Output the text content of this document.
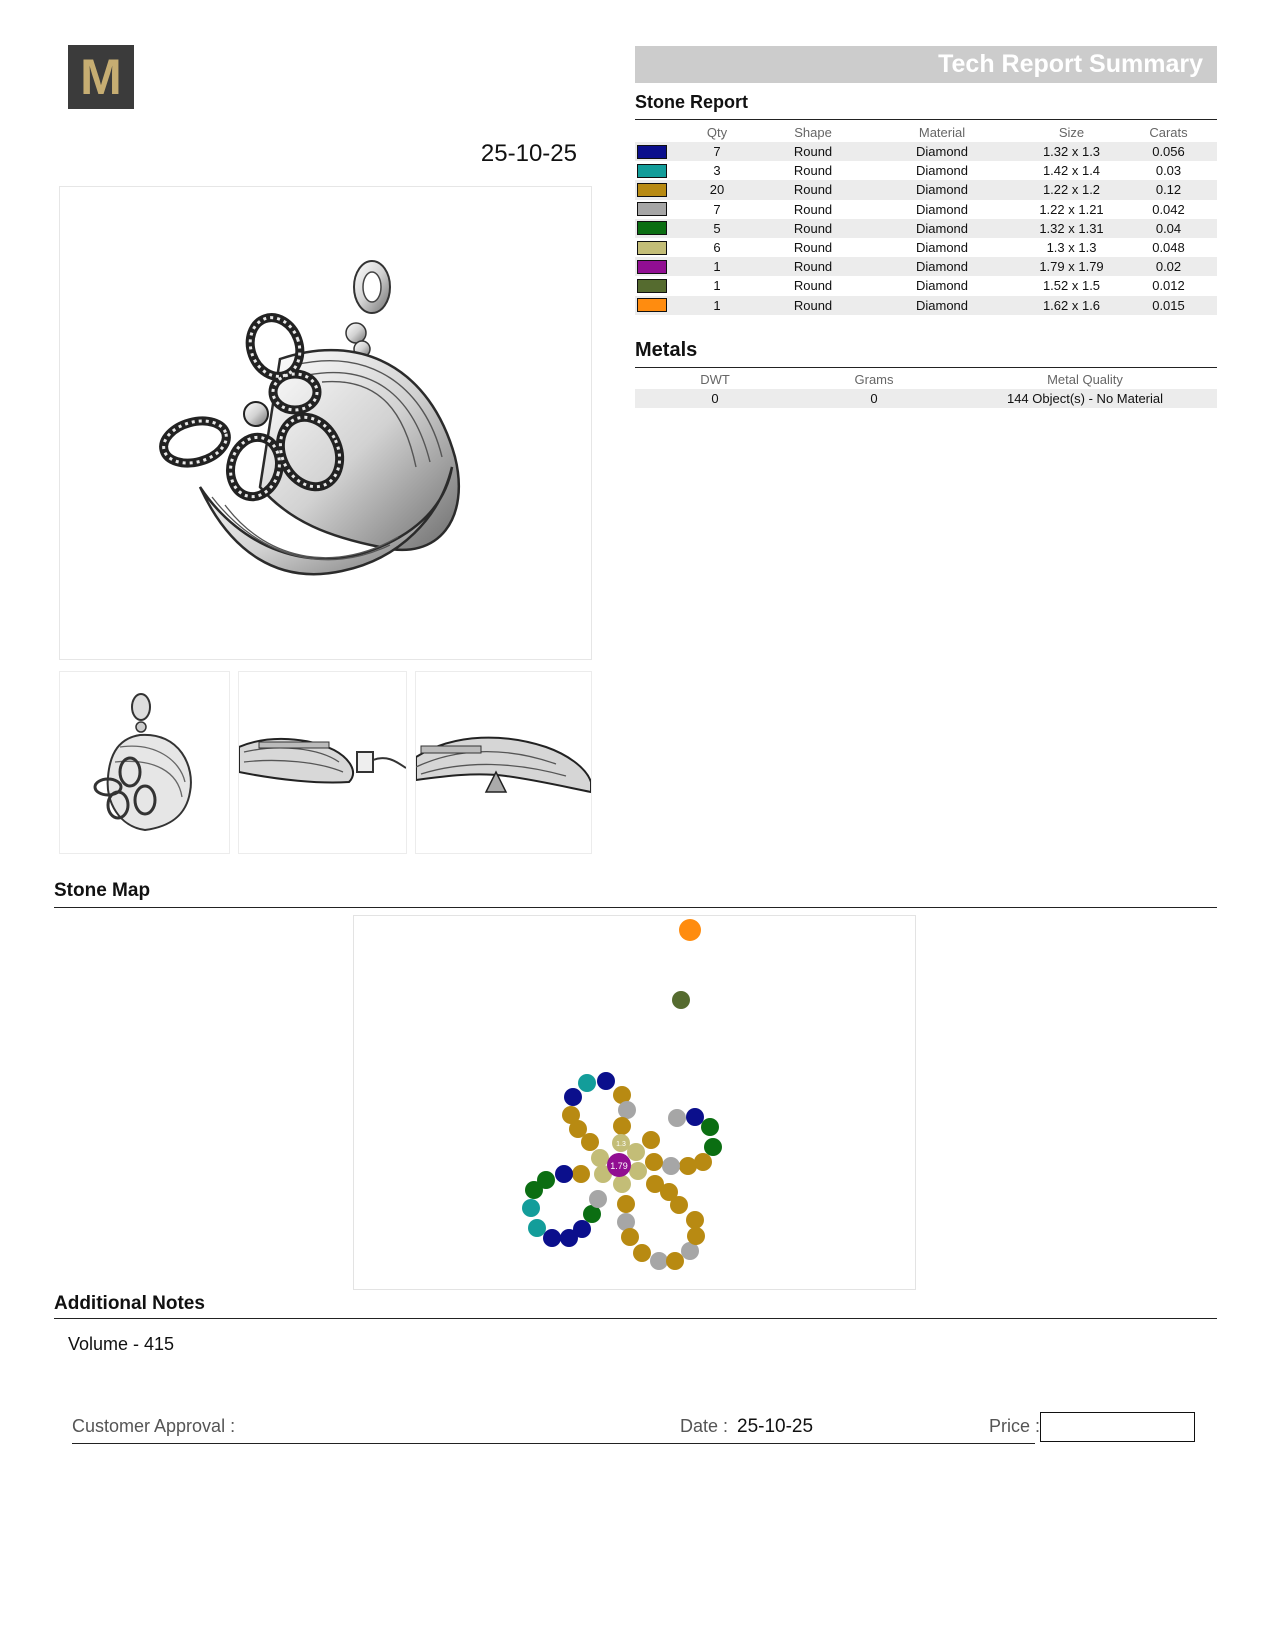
M
25-10-25
Tech Report Summary
Stone Report
	Qty	Shape	Material	Size	Carats

	7	Round	Diamond	1.32 x 1.3	0.056

	3	Round	Diamond	1.42 x 1.4	0.03

	20	Round	Diamond	1.22 x 1.2	0.12

	7	Round	Diamond	1.22 x 1.21	0.042

	5	Round	Diamond	1.32 x 1.31	0.04

	6	Round	Diamond	1.3 x 1.3	0.048

	1	Round	Diamond	1.79 x 1.79	0.02

	1	Round	Diamond	1.52 x 1.5	0.012

	1	Round	Diamond	1.62 x 1.6	0.015
Metals
DWT	Grams	Metal Quality
0	0	144 Object(s) - No Material
Stone Map
1.79
1.3
Additional Notes
Volume - 415
Customer Approval :	Date : 25-10-25	Price :
